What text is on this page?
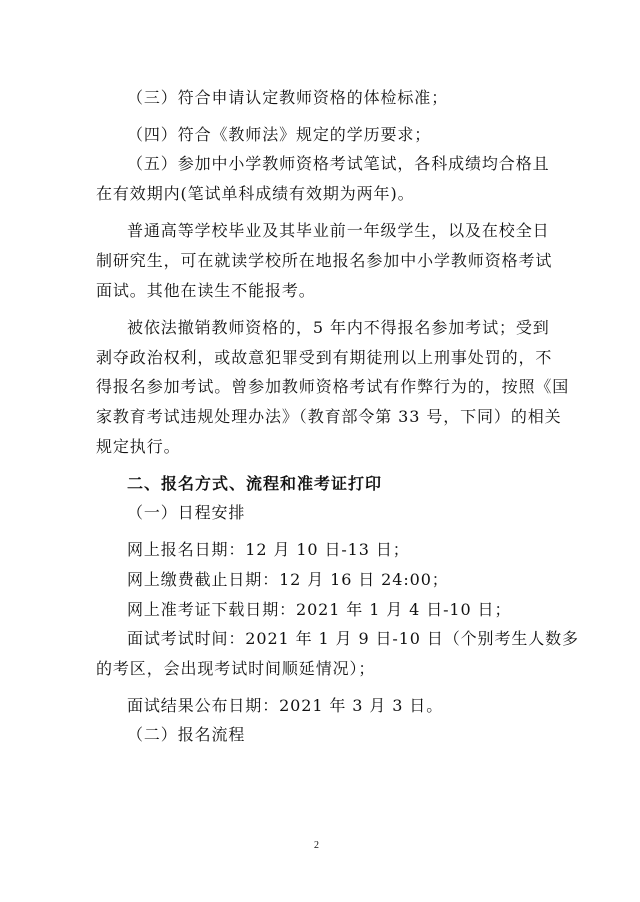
（三）符合申请认定教师资格的体检标准；
（四）符合《教师法》规定的学历要求；
（五）参加中小学教师资格考试笔试，各科成绩均合格且
在有效期内(笔试单科成绩有效期为两年)。
普通高等学校毕业及其毕业前一年级学生，以及在校全日
制研究生，可在就读学校所在地报名参加中小学教师资格考试
面试。其他在读生不能报考。
被依法撤销教师资格的，5 年内不得报名参加考试；受到
剥夺政治权利，或故意犯罪受到有期徒刑以上刑事处罚的，不
得报名参加考试。曾参加教师资格考试有作弊行为的，按照《国
家教育考试违规处理办法》（教育部令第 33 号，下同）的相关
规定执行。
二、报名方式、流程和准考证打印
（一）日程安排
网上报名日期：12 月 10 日-13 日；
网上缴费截止日期：12 月 16 日 24:00；
网上准考证下载日期：2021 年 1 月 4 日-10 日；
面试考试时间：2021 年 1 月 9 日-10 日（个别考生人数多
的考区，会出现考试时间顺延情况）；
面试结果公布日期：2021 年 3 月 3 日。
（二）报名流程
2
